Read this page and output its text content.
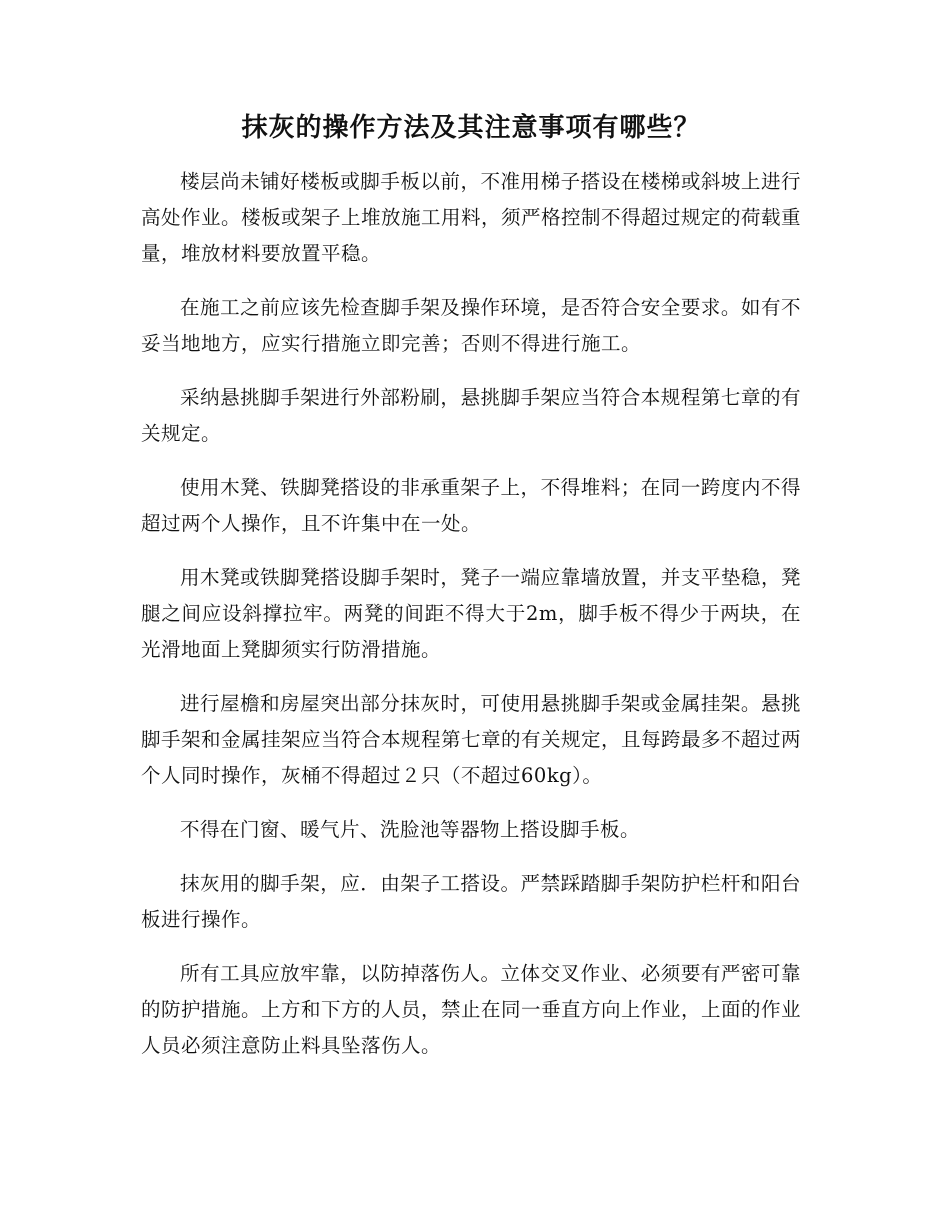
抹灰的操作方法及其注意事项有哪些？

楼层尚未铺好楼板或脚手板以前，不准用梯子搭设在楼梯或斜坡上进行高处作业。楼板或架子上堆放施工用料，须严格控制不得超过规定的荷载重量，堆放材料要放置平稳。

在施工之前应该先检查脚手架及操作环境，是否符合安全要求。如有不妥当地地方，应实行措施立即完善；否则不得进行施工。

采纳悬挑脚手架进行外部粉刷，悬挑脚手架应当符合本规程第七章的有关规定。

使用木凳、铁脚凳搭设的非承重架子上，不得堆料；在同一跨度内不得超过两个人操作，且不许集中在一处。

用木凳或铁脚凳搭设脚手架时，凳子一端应靠墙放置，并支平垫稳，凳腿之间应设斜撑拉牢。两凳的间距不得大于2m，脚手板不得少于两块，在光滑地面上凳脚须实行防滑措施。

进行屋檐和房屋突出部分抹灰时，可使用悬挑脚手架或金属挂架。悬挑脚手架和金属挂架应当符合本规程第七章的有关规定，且每跨最多不超过两个人同时操作，灰桶不得超过２只（不超过60kg）。

不得在门窗、暖气片、洗脸池等器物上搭设脚手板。

抹灰用的脚手架，应．由架子工搭设。严禁踩踏脚手架防护栏杆和阳台板进行操作。

所有工具应放牢靠，以防掉落伤人。立体交叉作业、必须要有严密可靠的防护措施。上方和下方的人员，禁止在同一垂直方向上作业，上面的作业人员必须注意防止料具坠落伤人。
